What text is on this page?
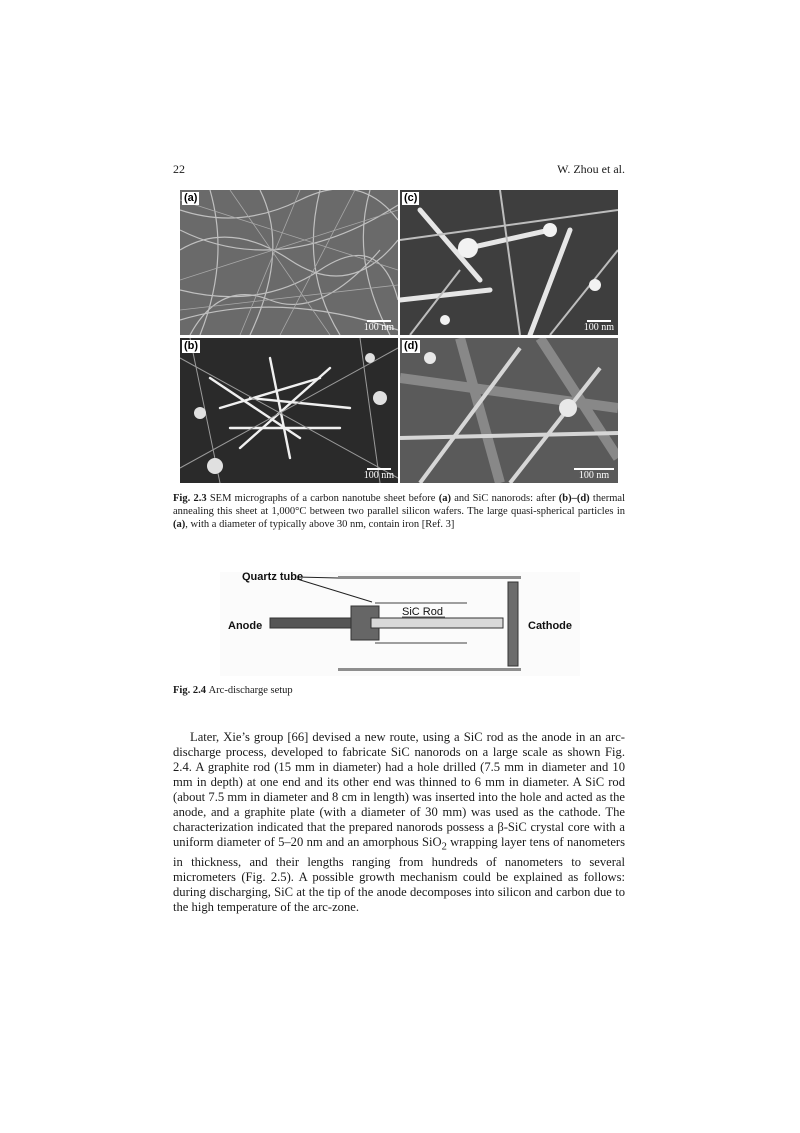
22	W. Zhou et al.
(a)
100 nm
(c)
100 nm
(b)
100 nm
(d)
100 nm
Fig. 2.3 SEM micrographs of a carbon nanotube sheet before (a) and SiC nanorods: after (b)–(d) thermal annealing this sheet at 1,000°C between two parallel silicon wafers. The large quasi-spherical particles in (a), with a diameter of typically above 30 nm, contain iron [Ref. 3]
Quartz tube
SiC Rod
Anode	Cathode
Fig. 2.4 Arc-discharge setup
Later, Xie’s group [66] devised a new route, using a SiC rod as the anode in an arc-discharge process, developed to fabricate SiC nanorods on a large scale as shown Fig. 2.4. A graphite rod (15 mm in diameter) had a hole drilled (7.5 mm in diameter and 10 mm in depth) at one end and its other end was thinned to 6 mm in diameter. A SiC rod (about 7.5 mm in diameter and 8 cm in length) was inserted into the hole and acted as the anode, and a graphite plate (with a diameter of 30 mm) was used as the cathode. The characterization indicated that the prepared nanorods possess a β-SiC crystal core with a uniform diameter of 5–20 nm and an amorphous SiO$_2$ wrapping layer tens of nanometers in thickness, and their lengths ranging from hundreds of nanometers to several micrometers (Fig. 2.5). A possible growth mechanism could be explained as follows: during discharging, SiC at the tip of the anode decomposes into silicon and carbon due to the high temperature of the arc-zone.
